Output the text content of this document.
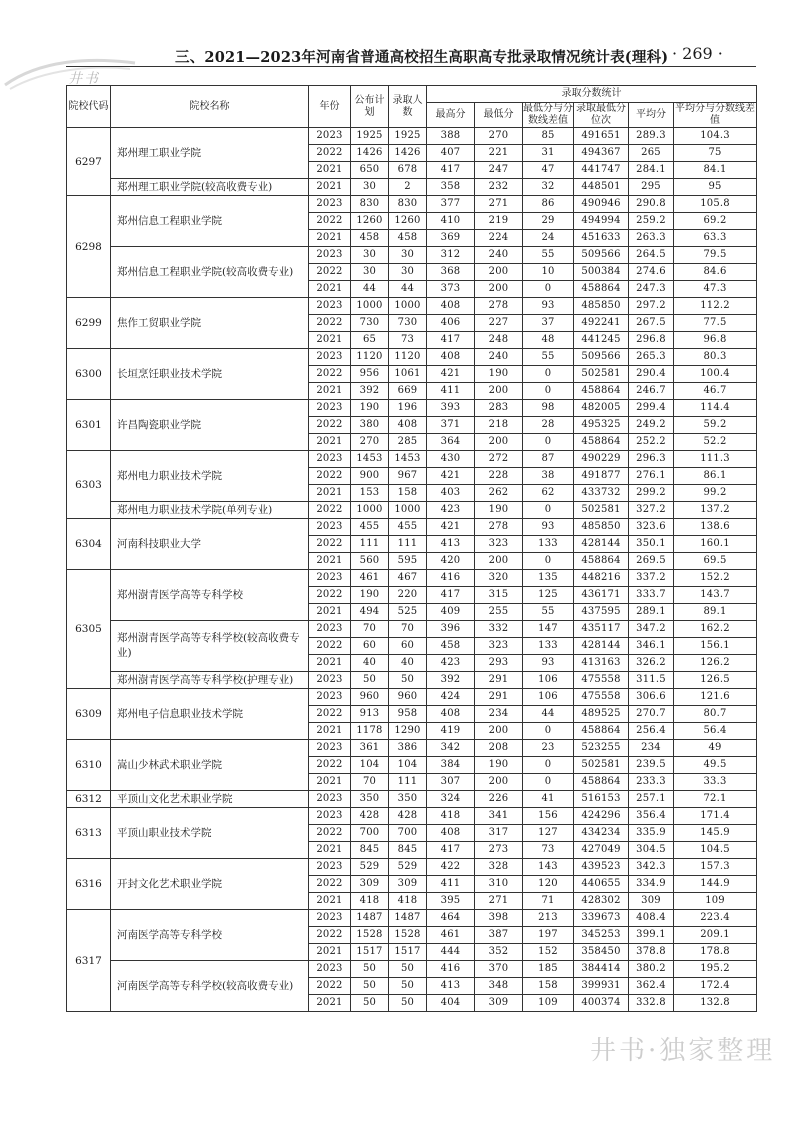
三、2021—2023年河南省普通高校招生高职高专批录取情况统计表(理科) · 269 ·
井书
院校代码	院校名称	年份	公布计划	录取人数	录取分数统计					
					最高分	最低分	最低分与分数线差值	录取最低分位次	平均分	平均分与分数线差值
6297	郑州理工职业学院	2023	1925	1925	388	270	85	491651	289.3	104.3
		2022	1426	1426	407	221	31	494367	265	75
		2021	650	678	417	247	47	441747	284.1	84.1
	郑州理工职业学院(较高收费专业)	2021	30	2	358	232	32	448501	295	95
6298	郑州信息工程职业学院	2023	830	830	377	271	86	490946	290.8	105.8
		2022	1260	1260	410	219	29	494994	259.2	69.2
		2021	458	458	369	224	24	451633	263.3	63.3
	郑州信息工程职业学院(较高收费专业)	2023	30	30	312	240	55	509566	264.5	79.5
		2022	30	30	368	200	10	500384	274.6	84.6
		2021	44	44	373	200	0	458864	247.3	47.3
6299	焦作工贸职业学院	2023	1000	1000	408	278	93	485850	297.2	112.2
		2022	730	730	406	227	37	492241	267.5	77.5
		2021	65	73	417	248	48	441245	296.8	96.8
6300	长垣烹饪职业技术学院	2023	1120	1120	408	240	55	509566	265.3	80.3
		2022	956	1061	421	190	0	502581	290.4	100.4
		2021	392	669	411	200	0	458864	246.7	46.7
6301	许昌陶瓷职业学院	2023	190	196	393	283	98	482005	299.4	114.4
		2022	380	408	371	218	28	495325	249.2	59.2
		2021	270	285	364	200	0	458864	252.2	52.2
6303	郑州电力职业技术学院	2023	1453	1453	430	272	87	490229	296.3	111.3
		2022	900	967	421	228	38	491877	276.1	86.1
		2021	153	158	403	262	62	433732	299.2	99.2
	郑州电力职业技术学院(单列专业)	2022	1000	1000	423	190	0	502581	327.2	137.2
6304	河南科技职业大学	2023	455	455	421	278	93	485850	323.6	138.6
		2022	111	111	413	323	133	428144	350.1	160.1
		2021	560	595	420	200	0	458864	269.5	69.5
6305	郑州澍青医学高等专科学校	2023	461	467	416	320	135	448216	337.2	152.2
		2022	190	220	417	315	125	436171	333.7	143.7
		2021	494	525	409	255	55	437595	289.1	89.1
	郑州澍青医学高等专科学校(较高收费专业)	2023	70	70	396	332	147	435117	347.2	162.2
		2022	60	60	458	323	133	428144	346.1	156.1
		2021	40	40	423	293	93	413163	326.2	126.2
	郑州澍青医学高等专科学校(护理专业)	2023	50	50	392	291	106	475558	311.5	126.5
6309	郑州电子信息职业技术学院	2023	960	960	424	291	106	475558	306.6	121.6
		2022	913	958	408	234	44	489525	270.7	80.7
		2021	1178	1290	419	200	0	458864	256.4	56.4
6310	嵩山少林武术职业学院	2023	361	386	342	208	23	523255	234	49
		2022	104	104	384	190	0	502581	239.5	49.5
		2021	70	111	307	200	0	458864	233.3	33.3
6312	平顶山文化艺术职业学院	2023	350	350	324	226	41	516153	257.1	72.1
6313	平顶山职业技术学院	2023	428	428	418	341	156	424296	356.4	171.4
		2022	700	700	408	317	127	434234	335.9	145.9
		2021	845	845	417	273	73	427049	304.5	104.5
6316	开封文化艺术职业学院	2023	529	529	422	328	143	439523	342.3	157.3
		2022	309	309	411	310	120	440655	334.9	144.9
		2021	418	418	395	271	71	428302	309	109
6317	河南医学高等专科学校	2023	1487	1487	464	398	213	339673	408.4	223.4
		2022	1528	1528	461	387	197	345253	399.1	209.1
		2021	1517	1517	444	352	152	358450	378.8	178.8
	河南医学高等专科学校(较高收费专业)	2023	50	50	416	370	185	384414	380.2	195.2
		2022	50	50	413	348	158	399931	362.4	172.4
		2021	50	50	404	309	109	400374	332.8	132.8
井书·独家整理
